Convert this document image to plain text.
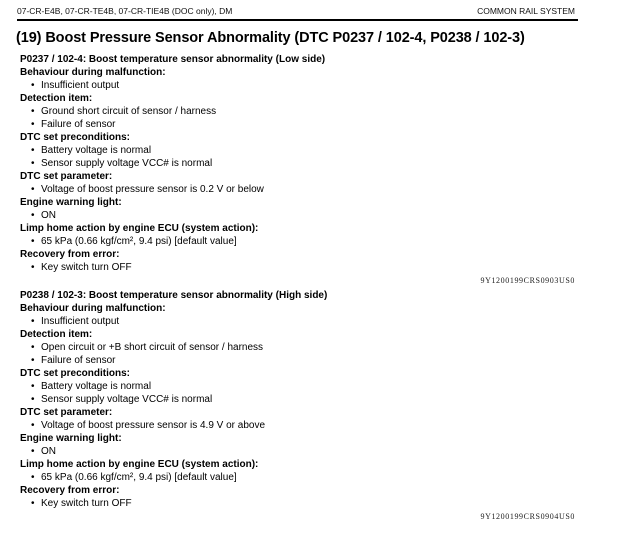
07-CR-E4B, 07-CR-TE4B, 07-CR-TIE4B (DOC only), DM	COMMON RAIL SYSTEM
(19) Boost Pressure Sensor Abnormality (DTC P0237 / 102-4, P0238 / 102-3)
P0237 / 102-4: Boost temperature sensor abnormality (Low side)
Behaviour during malfunction:
• Insufficient output
Detection item:
• Ground short circuit of sensor / harness
• Failure of sensor
DTC set preconditions:
• Battery voltage is normal
• Sensor supply voltage VCC# is normal
DTC set parameter:
• Voltage of boost pressure sensor is 0.2 V or below
Engine warning light:
• ON
Limp home action by engine ECU (system action):
• 65 kPa (0.66 kgf/cm², 9.4 psi) [default value]
Recovery from error:
• Key switch turn OFF
9Y1200199CRS0903US0
P0238 / 102-3: Boost temperature sensor abnormality (High side)
Behaviour during malfunction:
• Insufficient output
Detection item:
• Open circuit or +B short circuit of sensor / harness
• Failure of sensor
DTC set preconditions:
• Battery voltage is normal
• Sensor supply voltage VCC# is normal
DTC set parameter:
• Voltage of boost pressure sensor is 4.9 V or above
Engine warning light:
• ON
Limp home action by engine ECU (system action):
• 65 kPa (0.66 kgf/cm², 9.4 psi) [default value]
Recovery from error:
• Key switch turn OFF
9Y1200199CRS0904US0
